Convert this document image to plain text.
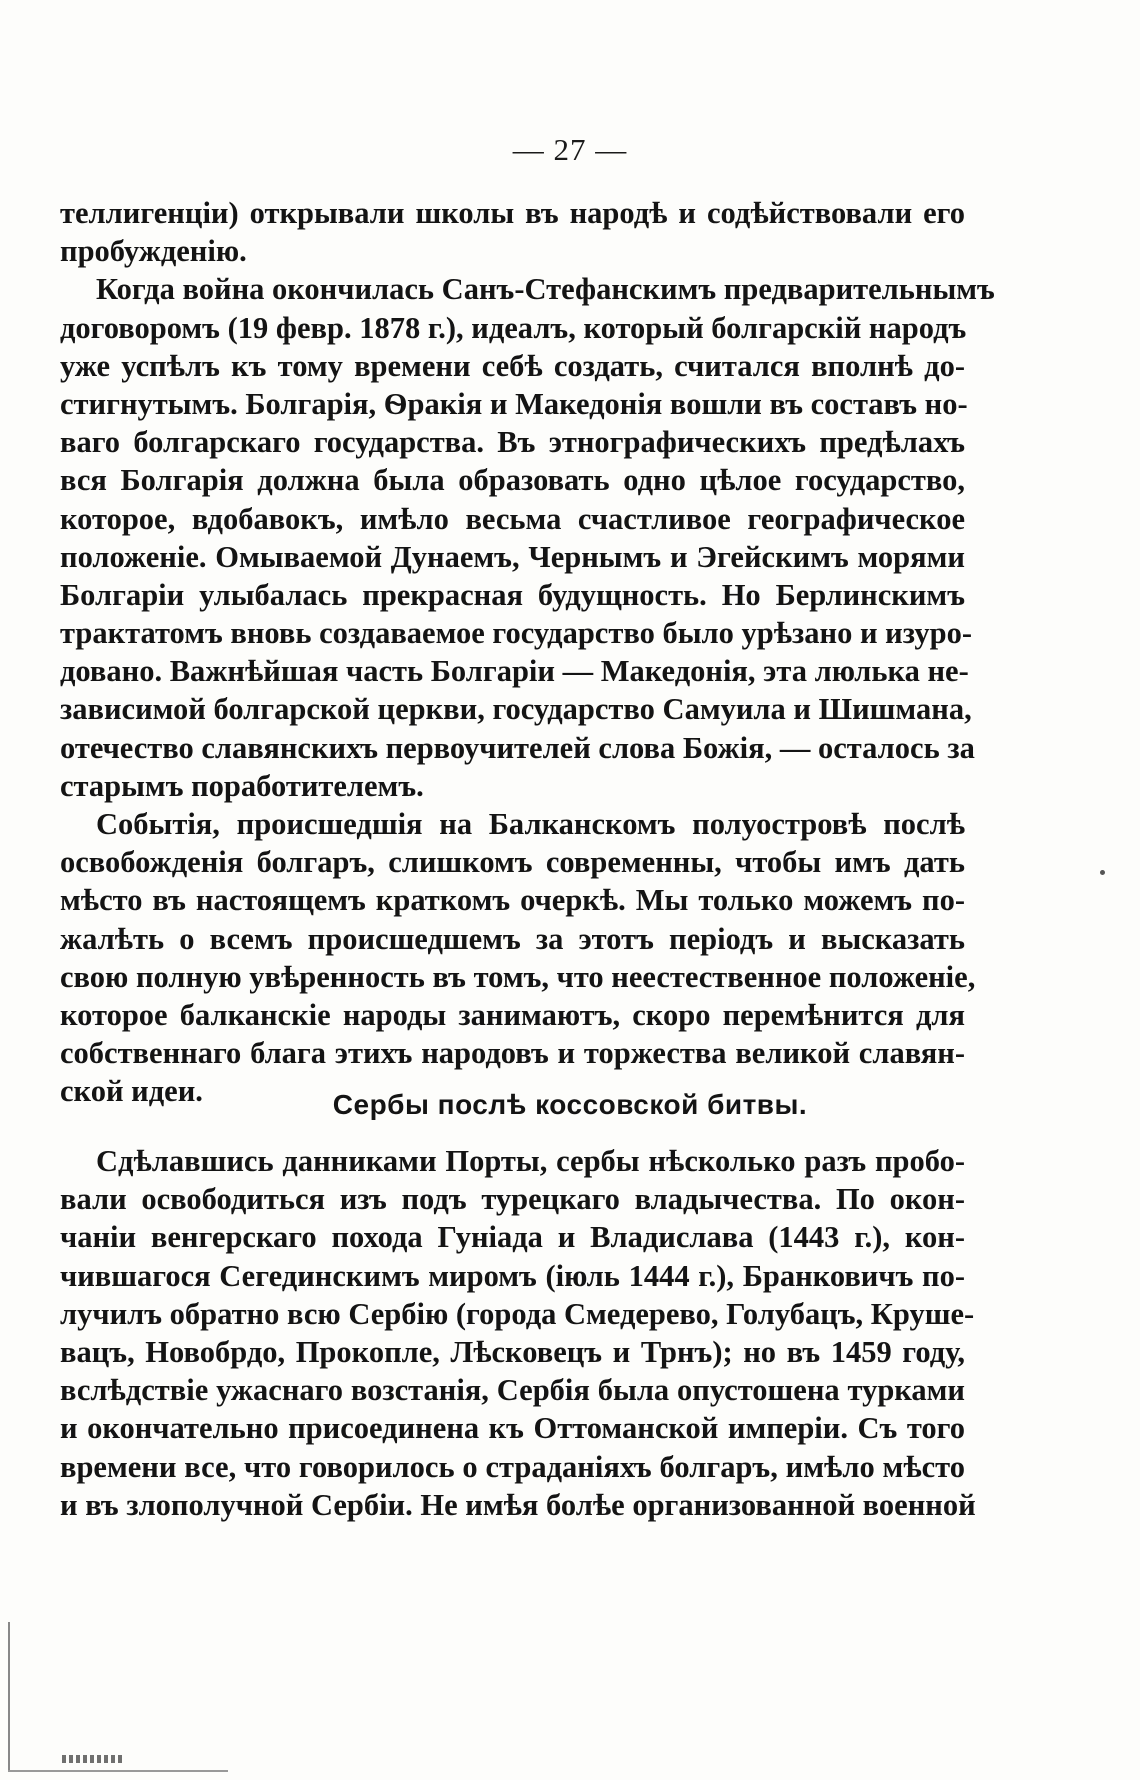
— 27 —
теллигенціи) открывали школы въ народѣ и содѣйствовали его
пробужденію.
Когда война окончилась Санъ-Стефанскимъ предварительнымъ
договоромъ (19 февр. 1878 г.), идеалъ, который болгарскій народъ
уже успѣлъ къ тому времени себѣ создать, считался вполнѣ до-
стигнутымъ. Болгарія, Ѳракія и Македонія вошли въ составъ но-
ваго болгарскаго государства. Въ этнографическихъ предѣлахъ
вся Болгарія должна была образовать одно цѣлое государство,
которое, вдобавокъ, имѣло весьма счастливое географическое
положеніе. Омываемой Дунаемъ, Чернымъ и Эгейскимъ морями
Болгаріи улыбалась прекрасная будущность. Но Берлинскимъ
трактатомъ вновь создаваемое государство было урѣзано и изуро-
довано. Важнѣйшая часть Болгаріи — Македонія, эта люлька не-
зависимой болгарской церкви, государство Самуила и Шишмана,
отечество славянскихъ первоучителей слова Божія, — осталось за
старымъ поработителемъ.
Событія, происшедшія на Балканскомъ полуостровѣ послѣ
освобожденія болгаръ, слишкомъ современны, чтобы имъ дать
мѣсто въ настоящемъ краткомъ очеркѣ. Мы только можемъ по-
жалѣть о всемъ происшедшемъ за этотъ періодъ и высказать
свою полную увѣренность въ томъ, что неестественное положеніе,
которое балканскіе народы занимаютъ, скоро перемѣнится для
собственнаго блага этихъ народовъ и торжества великой славян-
ской идеи.	Сербы послѣ коссовской битвы.
Сдѣлавшись данниками Порты, сербы нѣсколько разъ пробо-
вали освободиться изъ подъ турецкаго владычества. По окон-
чаніи венгерскаго похода Гуніада и Владислава (1443 г.), кон-
чившагося Сегединскимъ миромъ (іюль 1444 г.), Бранковичъ по-
лучилъ обратно всю Сербію (города Смедерево, Голубацъ, Круше-
вацъ, Новобрдо, Прокопле, Лѣсковецъ и Трнъ); но въ 1459 году,
вслѣдствіе ужаснаго возстанія, Сербія была опустошена турками
и окончательно присоединена къ Оттоманской имперіи. Съ того
времени все, что говорилось о страданіяхъ болгаръ, имѣло мѣсто
и въ злополучной Сербіи. Не имѣя болѣе организованной военной
